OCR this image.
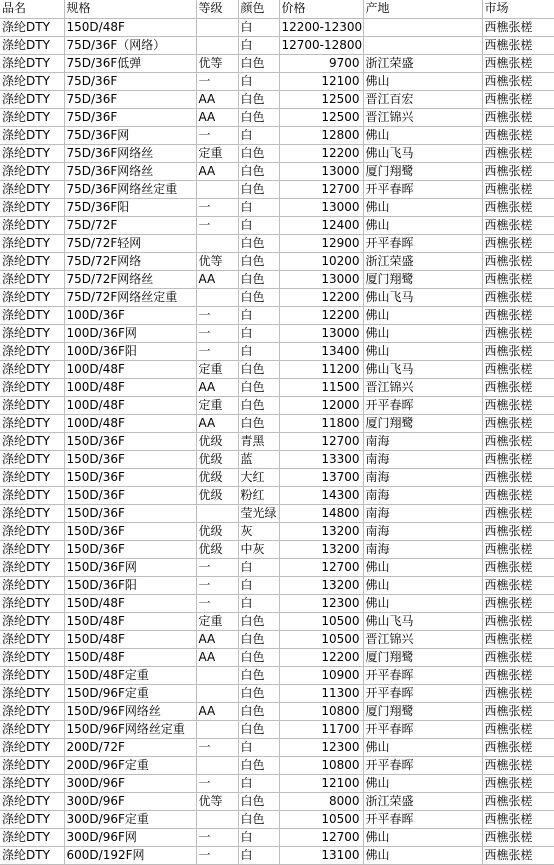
品名	规格	等级	颜色	价格	产地	市场
涤纶DTY	150D/48F		白	12200-12300		西樵张槎
涤纶DTY	75D/36F（网络）		白	12700-12800		西樵张槎
涤纶DTY	75D/36F低弹	优等	白色	9700	浙江荣盛	西樵张槎
涤纶DTY	75D/36F	一	白	12100	佛山	西樵张槎
涤纶DTY	75D/36F	AA	白色	12500	晋江百宏	西樵张槎
涤纶DTY	75D/36F	AA	白色	12500	晋江锦兴	西樵张槎
涤纶DTY	75D/36F网	一	白	12800	佛山	西樵张槎
涤纶DTY	75D/36F网络丝	定重	白色	12200	佛山飞马	西樵张槎
涤纶DTY	75D/36F网络丝	AA	白色	13000	厦门翔鹭	西樵张槎
涤纶DTY	75D/36F网络丝定重		白色	12700	开平春晖	西樵张槎
涤纶DTY	75D/36F阳	一	白	13000	佛山	西樵张槎
涤纶DTY	75D/72F	一	白	12400	佛山	西樵张槎
涤纶DTY	75D/72F轻网		白色	12900	开平春晖	西樵张槎
涤纶DTY	75D/72F网络	优等	白色	10200	浙江荣盛	西樵张槎
涤纶DTY	75D/72F网络丝	AA	白色	13000	厦门翔鹭	西樵张槎
涤纶DTY	75D/72F网络丝定重		白色	12200	佛山飞马	西樵张槎
涤纶DTY	100D/36F	一	白	12200	佛山	西樵张槎
涤纶DTY	100D/36F网	一	白	13000	佛山	西樵张槎
涤纶DTY	100D/36F阳	一	白	13400	佛山	西樵张槎
涤纶DTY	100D/48F	定重	白色	11200	佛山飞马	西樵张槎
涤纶DTY	100D/48F	AA	白色	11500	晋江锦兴	西樵张槎
涤纶DTY	100D/48F	定重	白色	12000	开平春晖	西樵张槎
涤纶DTY	100D/48F	AA	白色	11800	厦门翔鹭	西樵张槎
涤纶DTY	150D/36F	优级	青黑	12700	南海	西樵张槎
涤纶DTY	150D/36F	优级	蓝	13300	南海	西樵张槎
涤纶DTY	150D/36F	优级	大红	13700	南海	西樵张槎
涤纶DTY	150D/36F	优级	粉红	14300	南海	西樵张槎
涤纶DTY	150D/36F		莹光绿	14800	南海	西樵张槎
涤纶DTY	150D/36F	优级	灰	13200	南海	西樵张槎
涤纶DTY	150D/36F	优级	中灰	13200	南海	西樵张槎
涤纶DTY	150D/36F网	一	白	12700	佛山	西樵张槎
涤纶DTY	150D/36F阳	一	白	13200	佛山	西樵张槎
涤纶DTY	150D/48F	一	白	12300	佛山	西樵张槎
涤纶DTY	150D/48F	定重	白色	10500	佛山飞马	西樵张槎
涤纶DTY	150D/48F	AA	白色	10500	晋江锦兴	西樵张槎
涤纶DTY	150D/48F	AA	白色	12200	厦门翔鹭	西樵张槎
涤纶DTY	150D/48F定重		白色	10900	开平春晖	西樵张槎
涤纶DTY	150D/96F定重		白色	11300	开平春晖	西樵张槎
涤纶DTY	150D/96F网络丝	AA	白色	10800	厦门翔鹭	西樵张槎
涤纶DTY	150D/96F网络丝定重		白色	11700	开平春晖	西樵张槎
涤纶DTY	200D/72F	一	白	12300	佛山	西樵张槎
涤纶DTY	200D/96F定重		白色	10800	开平春晖	西樵张槎
涤纶DTY	300D/96F	一	白	12100	佛山	西樵张槎
涤纶DTY	300D/96F	优等	白色	8000	浙江荣盛	西樵张槎
涤纶DTY	300D/96F定重		白色	10500	开平春晖	西樵张槎
涤纶DTY	300D/96F网	一	白	12700	佛山	西樵张槎
涤纶DTY	600D/192F网	一	白	13100	佛山	西樵张槎
